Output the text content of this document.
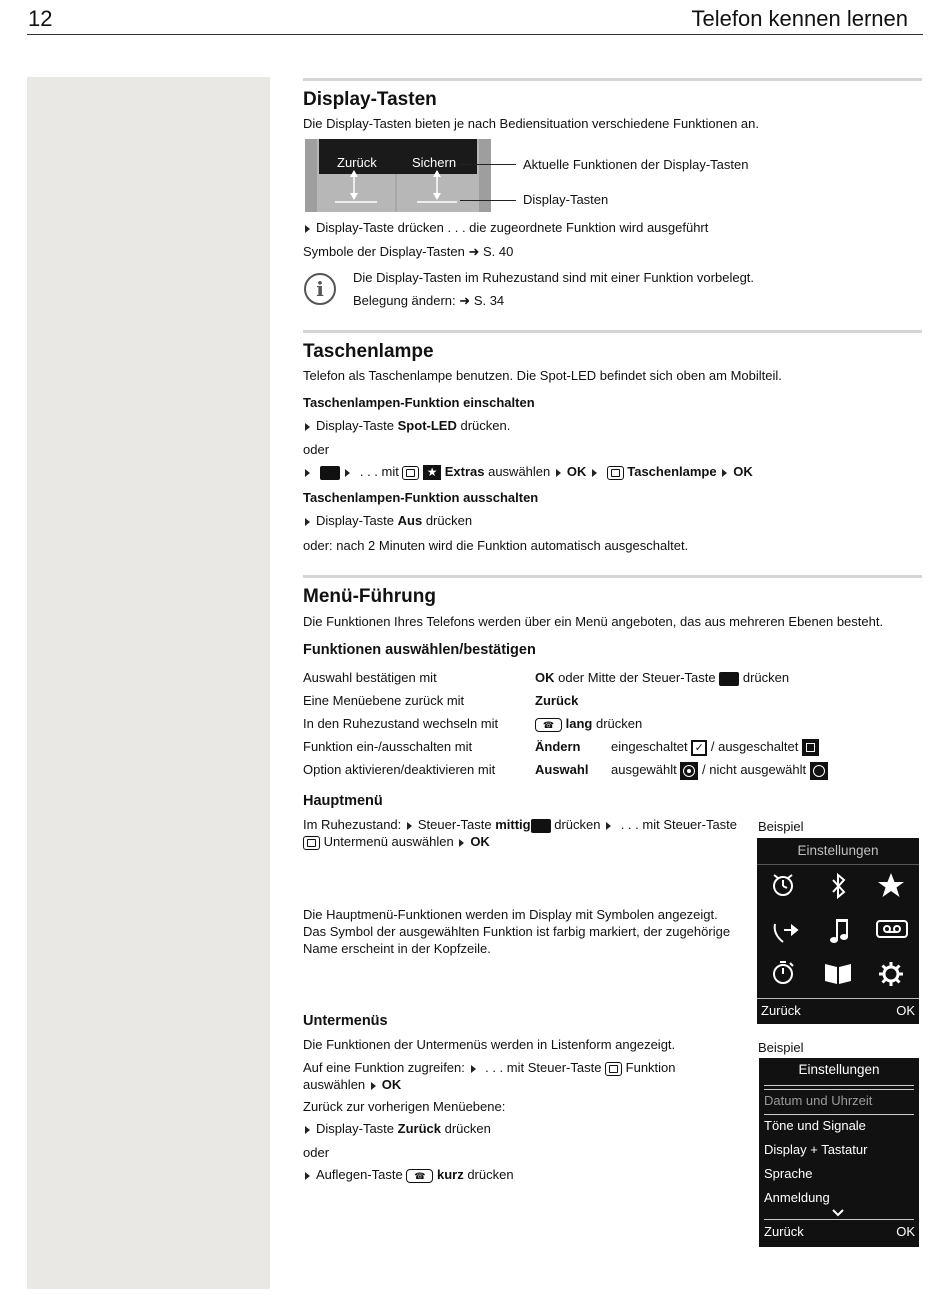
12	Telefon kennen lernen
Display-Tasten
Die Display-Tasten bieten je nach Bediensituation verschiedene Funktionen an.
Zurück	Sichern	Aktuelle Funktionen der Display-Tasten
Display-Tasten
Display-Taste drücken . . . die zugeordnete Funktion wird ausgeführt
Symbole der Display-Tasten ➜ S. 40
i	Die Display-Tasten im Ruhezustand sind mit einer Funktion vorbelegt.
Belegung ändern: ➜ S. 34
Taschenlampe
Telefon als Taschenlampe benutzen. Die Spot-LED befindet sich oben am Mobilteil.
Taschenlampen-Funktion einschalten
Display-Taste Spot-LED drücken.
oder
. . . mit  ★ Extras auswählen OK	Taschenlampe OK
Taschenlampen-Funktion ausschalten
Display-Taste Aus drücken
oder: nach 2 Minuten wird die Funktion automatisch ausgeschaltet.
Menü-Führung
Die Funktionen Ihres Telefons werden über ein Menü angeboten, das aus mehreren Ebenen besteht.
Funktionen auswählen/bestätigen
Auswahl bestätigen mit	OK oder Mitte der Steuer-Taste  drücken
Eine Menüebene zurück mit	Zurück
In den Ruhezustand wechseln mit	☎ lang drücken
Funktion ein-/ausschalten mit	Ändern eingeschaltet ✓ / ausgeschaltet
Option aktivieren/deaktivieren mit	Auswahl ausgewählt  / nicht ausgewählt
Hauptmenü
Im Ruhezustand: Steuer-Taste mittig drücken  . . . mit Steuer-Taste
Untermenü auswählen OK
Die Hauptmenü-Funktionen werden im Display mit Symbolen angezeigt.
Das Symbol der ausgewählten Funktion ist farbig markiert, der zugehörige
Name erscheint in der Kopfzeile.
Beispiel
Einstellungen
Zurück	OK
Untermenüs
Die Funktionen der Untermenüs werden in Listenform angezeigt.
Auf eine Funktion zugreifen:  . . . mit Steuer-Taste  Funktion
auswählen OK
Zurück zur vorherigen Menüebene:
Display-Taste Zurück drücken
oder
Auflegen-Taste ☎ kurz drücken
Beispiel
Einstellungen
Datum und Uhrzeit
Töne und Signale
Display + Tastatur
Sprache
Anmeldung
Zurück	OK
